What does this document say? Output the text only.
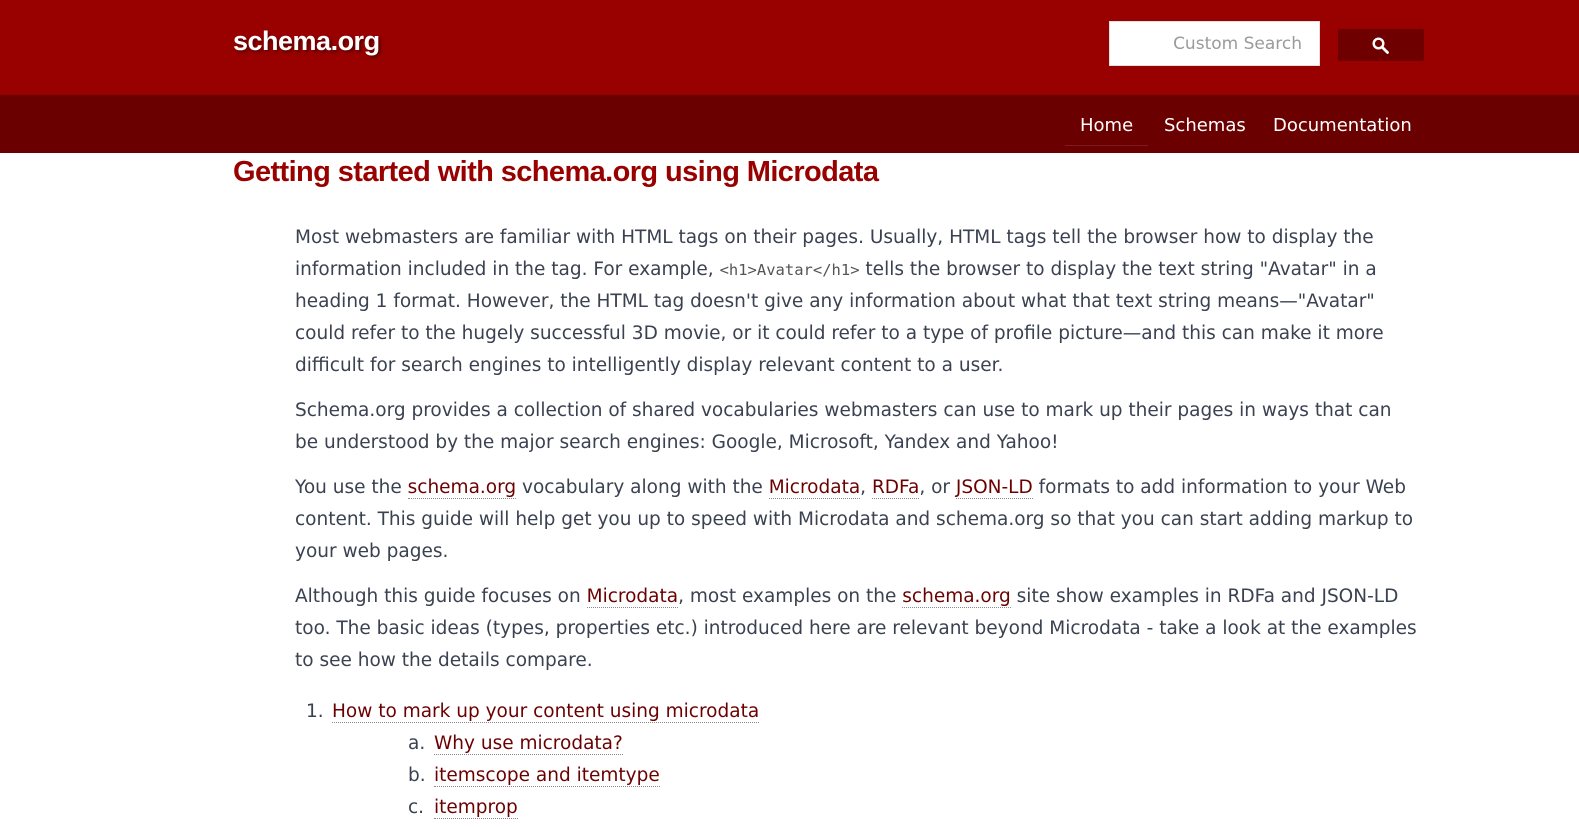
schema.org
Custom Search
Home	Schemas Documentation
Getting started with schema.org using Microdata

Most webmasters are familiar with HTML tags on their pages. Usually, HTML tags tell the browser how to display the information included in the tag. For example, <h1>Avatar</h1> tells the browser to display the text string "Avatar" in a heading 1 format. However, the HTML tag doesn't give any information about what that text string means—"Avatar" could refer to the hugely successful 3D movie, or it could refer to a type of profile picture—and this can make it more difficult for search engines to intelligently display relevant content to a user.

Schema.org provides a collection of shared vocabularies webmasters can use to mark up their pages in ways that can be understood by the major search engines: Google, Microsoft, Yandex and Yahoo!

You use the schema.org vocabulary along with the Microdata, RDFa, or JSON-LD formats to add information to your Web content. This guide will help get you up to speed with Microdata and schema.org so that you can start adding markup to your web pages.

Although this guide focuses on Microdata, most examples on the schema.org site show examples in RDFa and JSON-LD too. The basic ideas (types, properties etc.) introduced here are relevant beyond Microdata - take a look at the examples to see how the details compare.

1. How to mark up your content using microdata
a. Why use microdata?
b. itemscope and itemtype
c. itemprop
